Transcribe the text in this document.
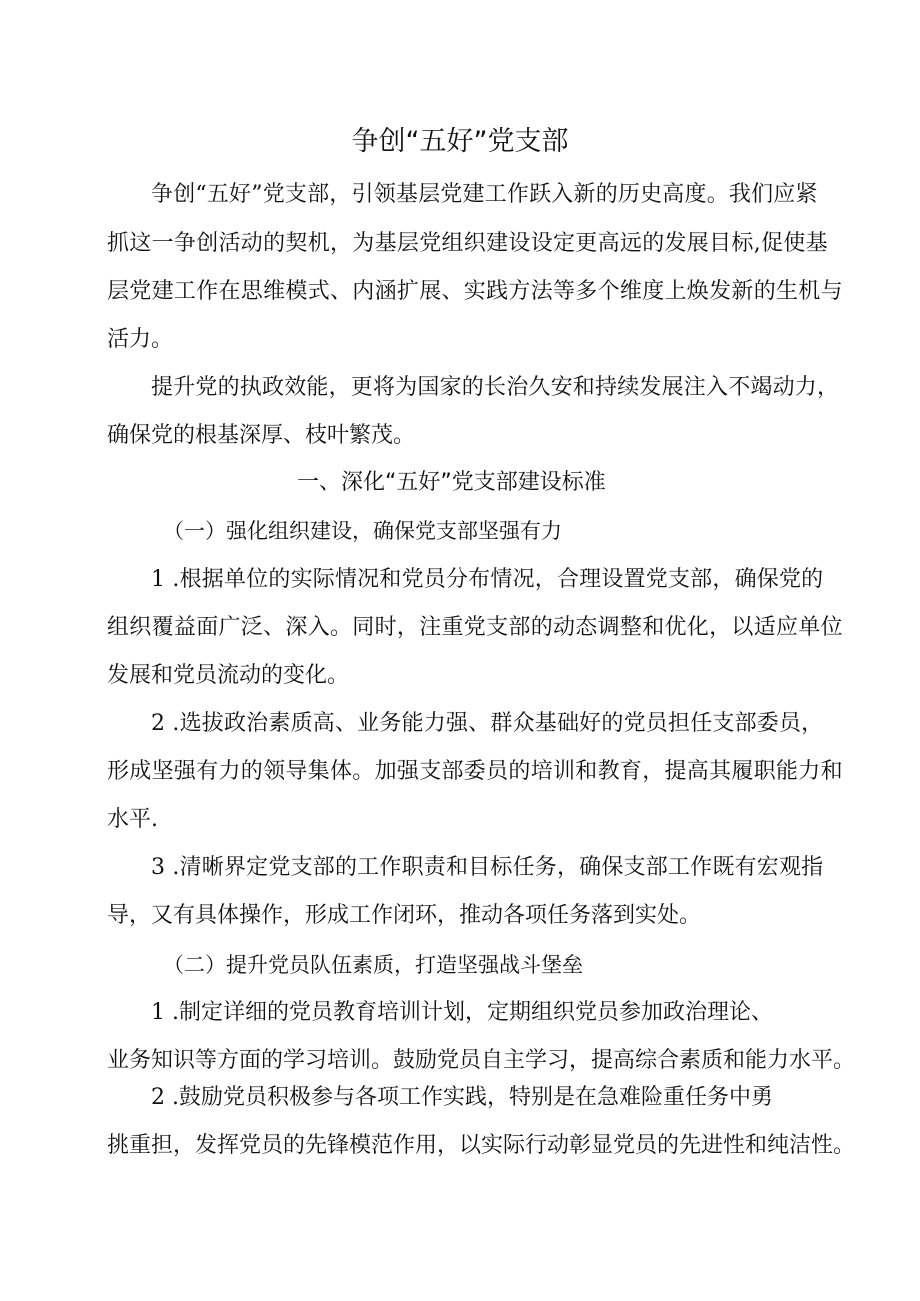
争创“五好”党支部
争创“五好”党支部，引领基层党建工作跃入新的历史高度。我们应紧
抓这一争创活动的契机，为基层党组织建设设定更高远的发展目标,促使基
层党建工作在思维模式、内涵扩展、实践方法等多个维度上焕发新的生机与
活力。
提升党的执政效能，更将为国家的长治久安和持续发展注入不竭动力，
确保党的根基深厚、枝叶繁茂。
一、深化“五好”党支部建设标准
（一）强化组织建设，确保党支部坚强有力
1 .根据单位的实际情况和党员分布情况，合理设置党支部，确保党的
组织覆益面广泛、深入。同时，注重党支部的动态调整和优化，以适应单位
发展和党员流动的变化。
2 .选拔政治素质高、业务能力强、群众基础好的党员担任支部委员，
形成坚强有力的领导集体。加强支部委员的培训和教育，提高其履职能力和
水平.
3 .清晰界定党支部的工作职责和目标任务，确保支部工作既有宏观指
导，又有具体操作，形成工作闭环，推动各项任务落到实处。
（二）提升党员队伍素质，打造坚强战斗堡垒
1 .制定详细的党员教育培训计划，定期组织党员参加政治理论、
业务知识等方面的学习培训。鼓励党员自主学习，提高综合素质和能力水平。
2 .鼓励党员积极参与各项工作实践，特别是在急难险重任务中勇
挑重担，发挥党员的先锋模范作用，以实际行动彰显党员的先进性和纯洁性。
